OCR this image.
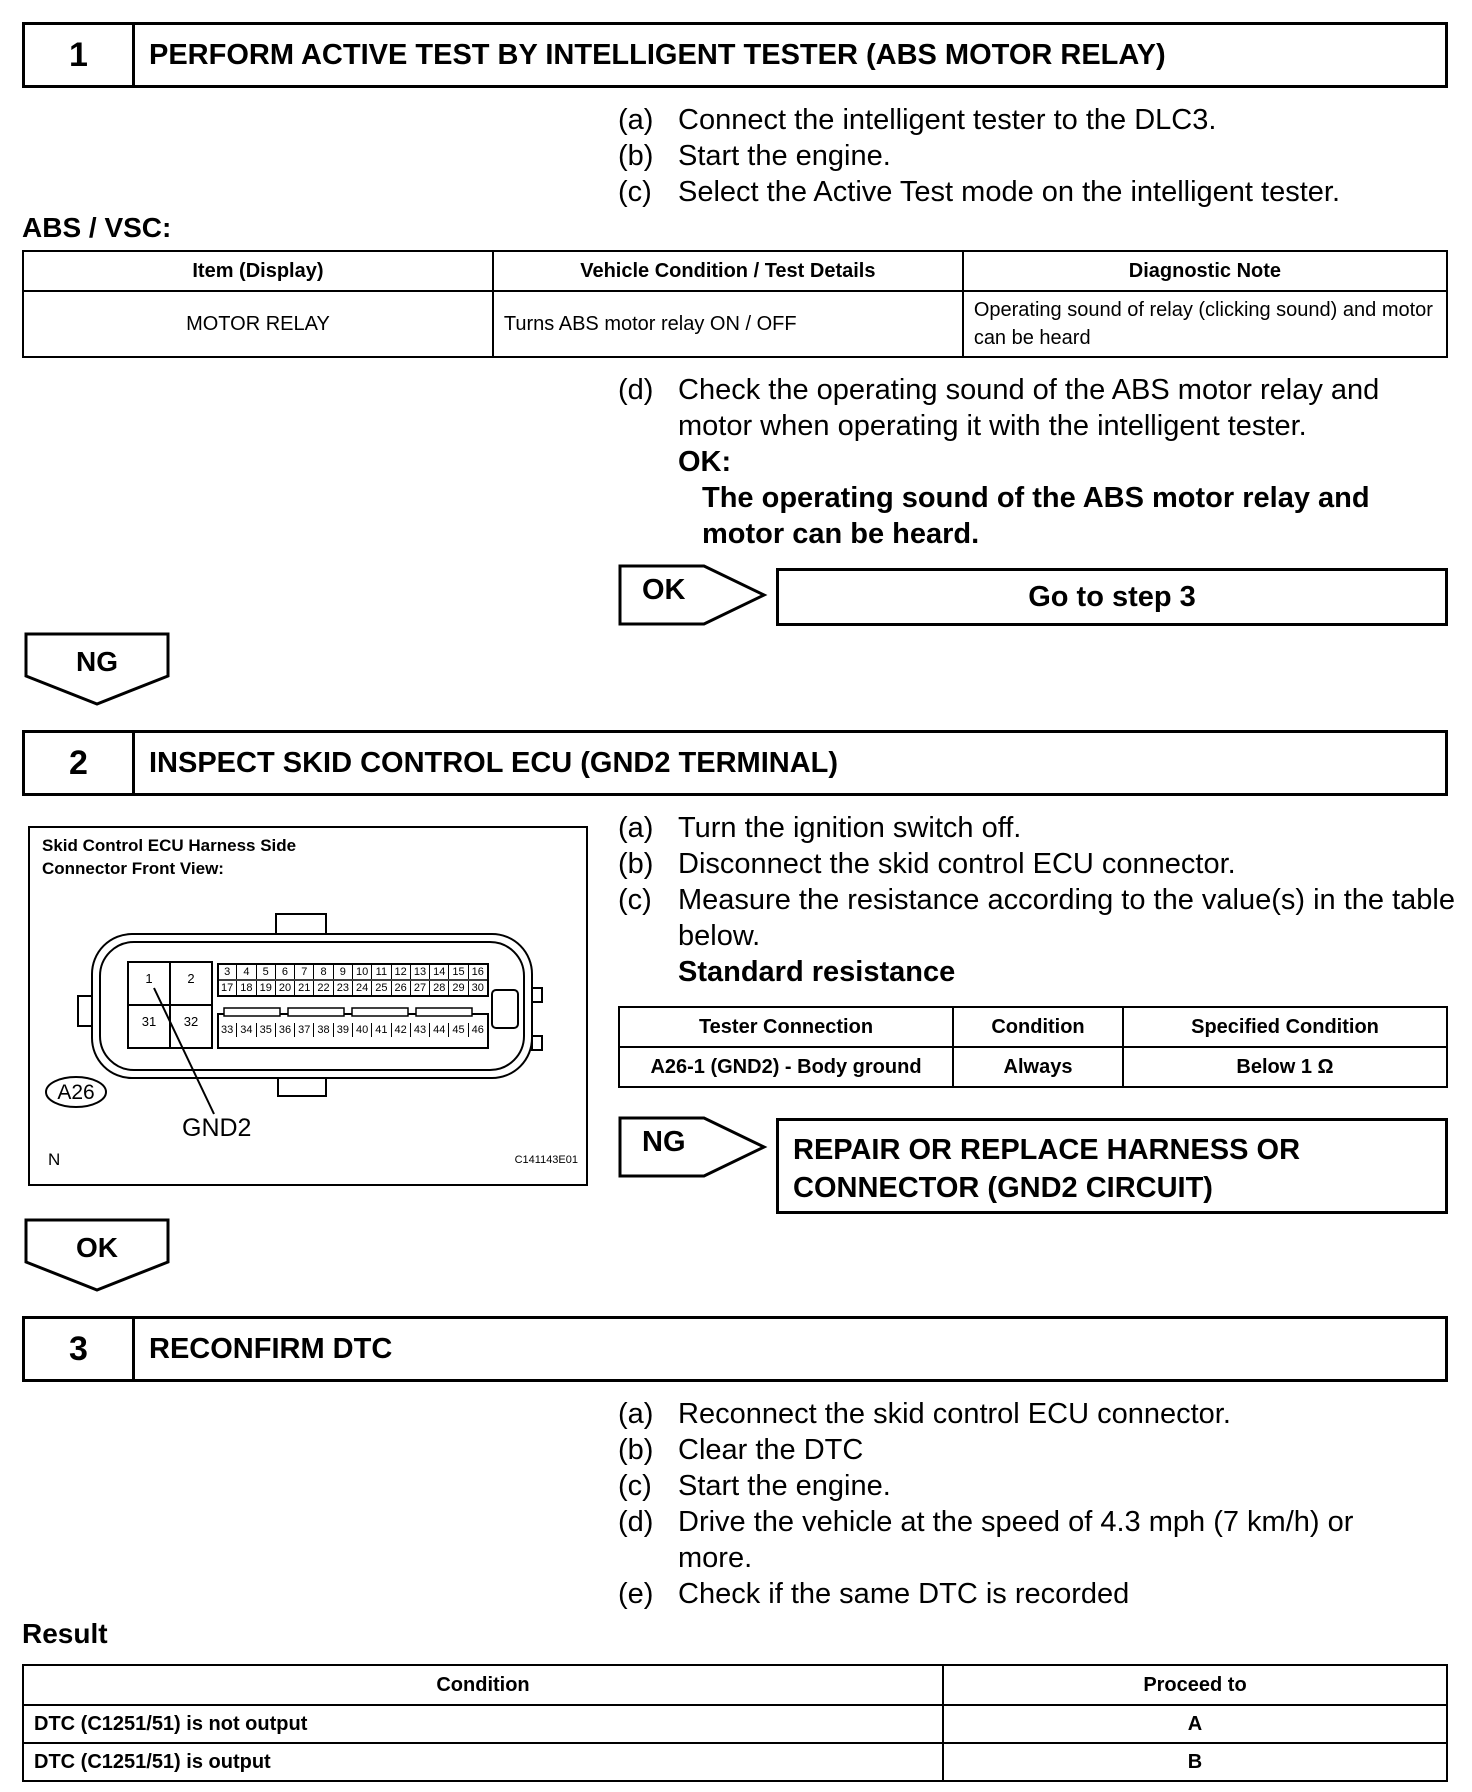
1	PERFORM ACTIVE TEST BY INTELLIGENT TESTER (ABS MOTOR RELAY)
(a) Connect the intelligent tester to the DLC3.
(b) Start the engine.
(c) Select the Active Test mode on the intelligent tester.
ABS / VSC:
Item (Display)	Vehicle Condition / Test Details	Diagnostic Note
MOTOR RELAY	Turns ABS motor relay ON / OFF	Operating sound of relay (clicking sound) and motor can be heard
(d) Check the operating sound of the ABS motor relay and motor when operating it with the intelligent tester.
OK:
The operating sound of the ABS motor relay and motor can be heard.
OK	Go to step 3
NG
2	INSPECT SKID CONTROL ECU (GND2 TERMINAL)
Skid Control ECU Harness Side
Connector Front View:
1	2
31	32
3	4	5	6	7	8	9 10 11 12 13 14 15 16
17 18 19 20 21 22 23 24 25 26 27 28 29 30
33 34 35 36 37 38 39 40 41 42 43 44 45 46
A26
GND2
N	C141143E01
(a) Turn the ignition switch off.
(b) Disconnect the skid control ECU connector.
(c) Measure the resistance according to the value(s) in the table below.
Standard resistance
Tester Connection	Condition	Specified Condition
A26-1 (GND2) - Body ground	Always	Below 1 Ω
NG	REPAIR OR REPLACE HARNESS OR CONNECTOR (GND2 CIRCUIT)
OK
3	RECONFIRM DTC
(a) Reconnect the skid control ECU connector.
(b) Clear the DTC
(c) Start the engine.
(d) Drive the vehicle at the speed of 4.3 mph (7 km/h) or more.
(e) Check if the same DTC is recorded
Result
Condition	Proceed to
DTC (C1251/51) is not output	A
DTC (C1251/51) is output	B
